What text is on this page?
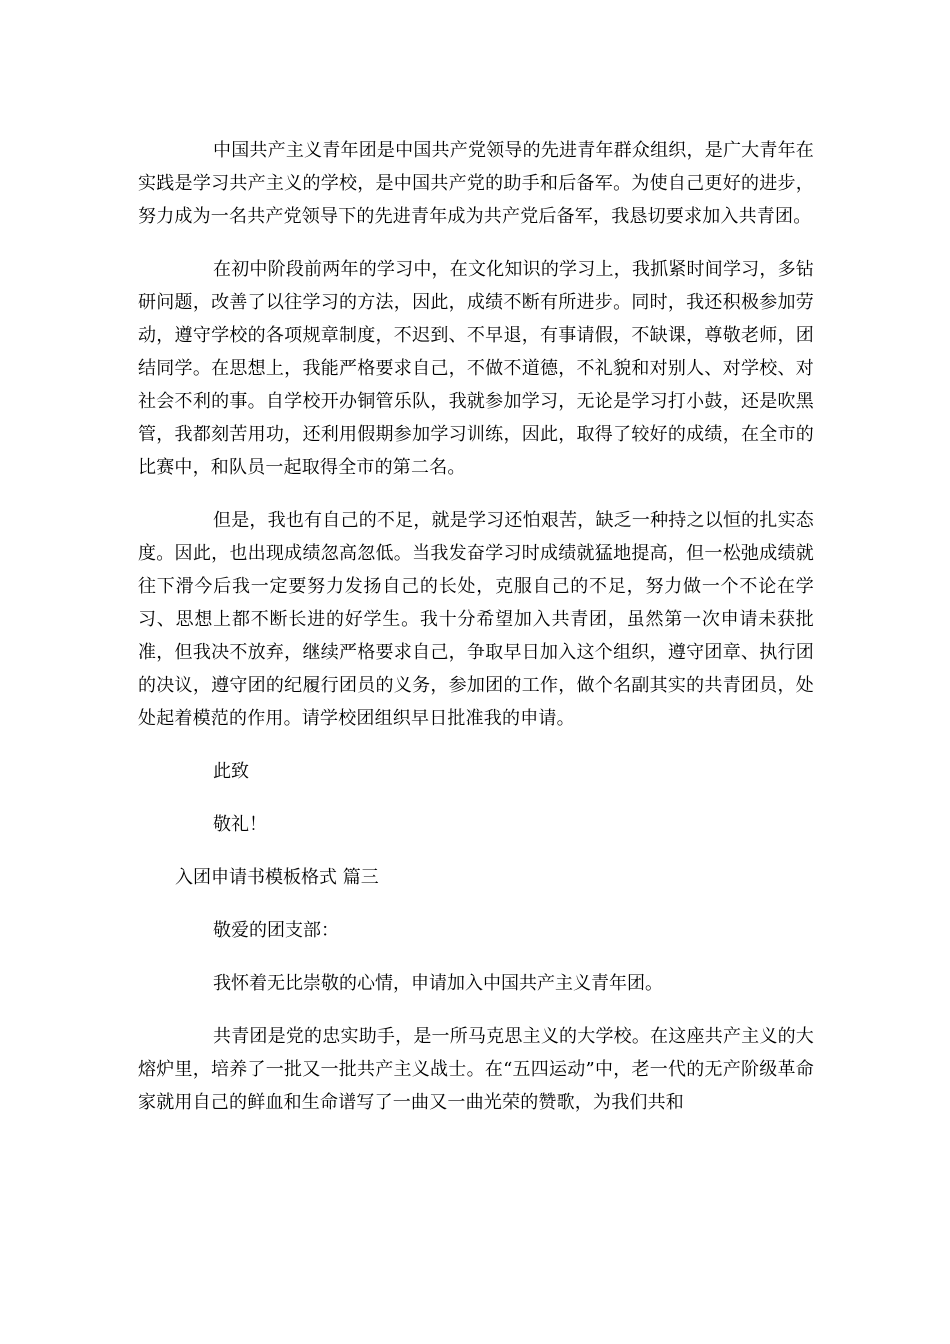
中国共产主义青年团是中国共产党领导的先进青年群众组织，是广大青年在实践是学习共产主义的学校，是中国共产党的助手和后备军。为使自己更好的进步，努力成为一名共产党领导下的先进青年成为共产党后备军，我恳切要求加入共青团。

在初中阶段前两年的学习中，在文化知识的学习上，我抓紧时间学习，多钻研问题，改善了以往学习的方法，因此，成绩不断有所进步。同时，我还积极参加劳动，遵守学校的各项规章制度，不迟到、不早退，有事请假，不缺课，尊敬老师，团结同学。在思想上，我能严格要求自己，不做不道德，不礼貌和对别人、对学校、对社会不利的事。自学校开办铜管乐队，我就参加学习，无论是学习打小鼓，还是吹黑管，我都刻苦用功，还利用假期参加学习训练，因此，取得了较好的成绩，在全市的比赛中，和队员一起取得全市的第二名。

但是，我也有自己的不足，就是学习还怕艰苦，缺乏一种持之以恒的扎实态度。因此，也出现成绩忽高忽低。当我发奋学习时成绩就猛地提高，但一松弛成绩就往下滑今后我一定要努力发扬自己的长处，克服自己的不足，努力做一个不论在学习、思想上都不断长进的好学生。我十分希望加入共青团，虽然第一次申请未获批准，但我决不放弃，继续严格要求自己，争取早日加入这个组织，遵守团章、执行团的决议，遵守团的纪履行团员的义务，参加团的工作，做个名副其实的共青团员，处处起着模范的作用。请学校团组织早日批准我的申请。

此致

敬礼！

入团申请书模板格式 篇三

敬爱的团支部：

我怀着无比崇敬的心情，申请加入中国共产主义青年团。

共青团是党的忠实助手，是一所马克思主义的大学校。在这座共产主义的大熔炉里，培养了一批又一批共产主义战士。在“五四运动”中，老一代的无产阶级革命家就用自己的鲜血和生命谱写了一曲又一曲光荣的赞歌，为我们共和
